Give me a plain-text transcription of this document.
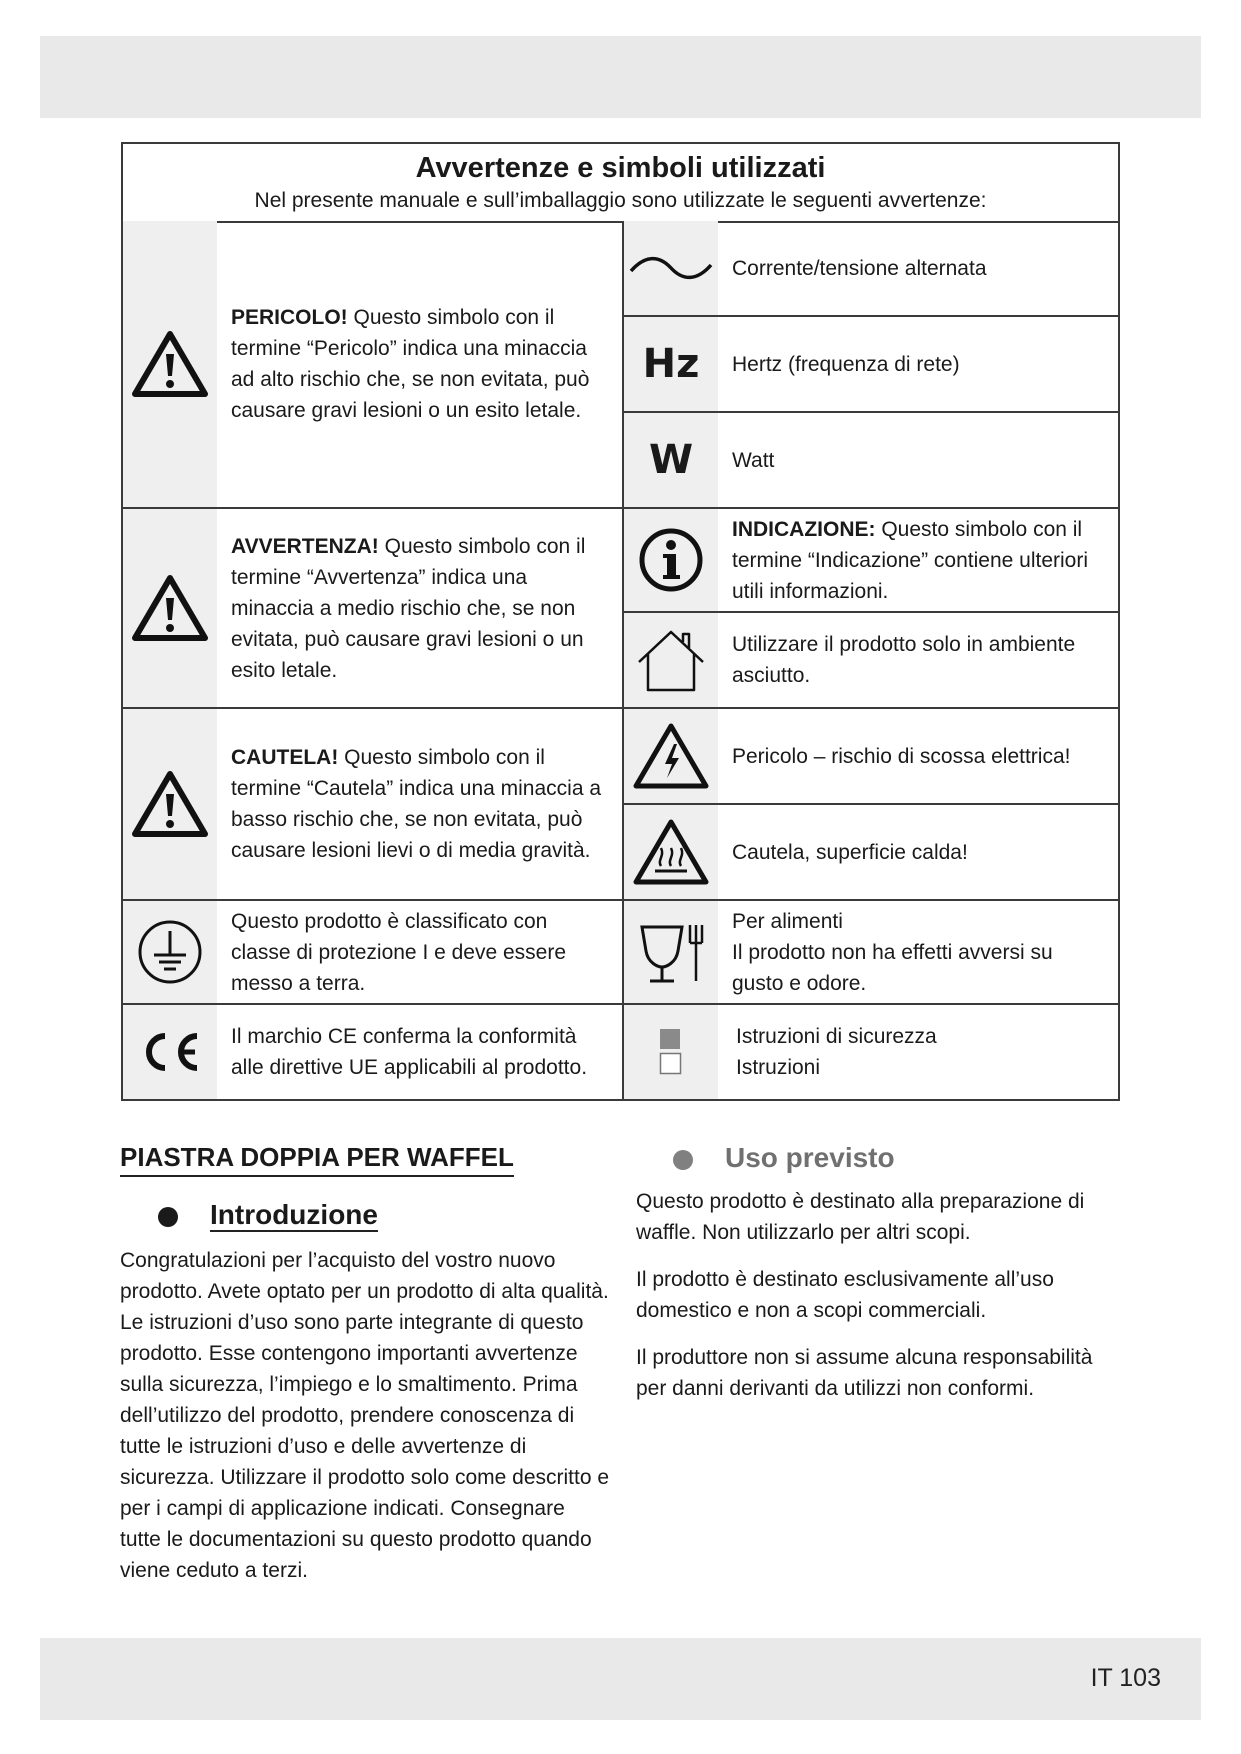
Avvertenze e simboli utilizzati

Nel presente manuale e sull’imballaggio sono utilizzate le seguenti avvertenze:

PERICOLO! Questo simbolo con il termine “Pericolo” indica una minaccia ad alto rischio che, se non evitata, può causare gravi lesioni o un esito letale.
AVVERTENZA! Questo simbolo con il termine “Avvertenza” indica una minaccia a medio rischio che, se non evitata, può causare gravi lesioni o un esito letale.
CAUTELA! Questo simbolo con il termine “Cautela” indica una minaccia a basso rischio che, se non evitata, può causare lesioni lievi o di media gravità.
Questo prodotto è classificato con classe di protezione I e deve essere messo a terra.
Il marchio CE conferma la conformità alle direttive UE applicabili al prodotto.
Corrente/tensione alternata
Hz Hertz (frequenza di rete)
W Watt
INDICAZIONE: Questo simbolo con il termine “Indicazione” contiene ulteriori utili informazioni.
Utilizzare il prodotto solo in ambiente asciutto.
Pericolo – rischio di scossa elettrica!
Cautela, superficie calda!
Per alimenti
Il prodotto non ha effetti avversi su gusto e odore.
Istruzioni di sicurezza
Istruzioni
PIASTRA DOPPIA PER WAFFEL
Introduzione

Congratulazioni per l’acquisto del vostro nuovo prodotto. Avete optato per un prodotto di alta qualità. Le istruzioni d’uso sono parte integrante di questo prodotto. Esse contengono importanti avvertenze sulla sicurezza, l’impiego e lo smaltimento. Prima dell’utilizzo del prodotto, prendere conoscenza di tutte le istruzioni d’uso e delle avvertenze di sicurezza. Utilizzare il prodotto solo come descritto e per i campi di applicazione indicati. Consegnare tutte le documentazioni su questo prodotto quando viene ceduto a terzi.

Uso previsto

Questo prodotto è destinato alla preparazione di waffle. Non utilizzarlo per altri scopi.

Il prodotto è destinato esclusivamente all’uso domestico e non a scopi commerciali.

Il produttore non si assume alcuna responsabilità per danni derivanti da utilizzi non conformi.

IT 103
